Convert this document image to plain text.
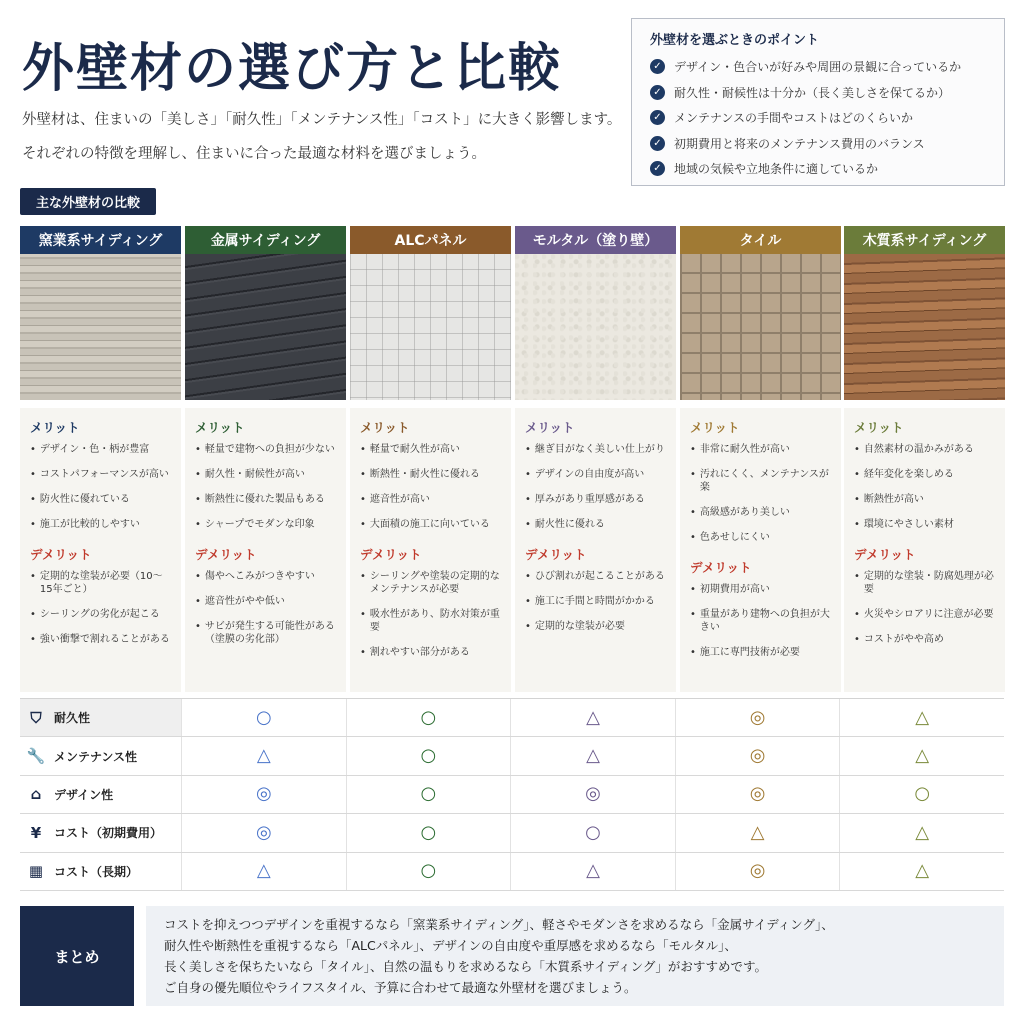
外壁材の選び方と比較
外壁材は、住まいの「美しさ」「耐久性」「メンテナンス性」「コスト」に大きく影響します。
それぞれの特徴を理解し、住まいに合った最適な材料を選びましょう。
外壁材を選ぶときのポイント
✓ デザイン・色合いが好みや周囲の景観に合っているか
✓ 耐久性・耐候性は十分か（長く美しさを保てるか）
✓ メンテナンスの手間やコストはどのくらいか
✓ 初期費用と将来のメンテナンス費用のバランス
✓ 地域の気候や立地条件に適しているか
主な外壁材の比較
窯業系サイディング
メリット
• デザイン・色・柄が豊富
• コストパフォーマンスが高い
• 防火性に優れている
• 施工が比較的しやすい
デメリット
• 定期的な塗装が必要（10～15年ごと）
• シーリングの劣化が起こる
• 強い衝撃で割れることがある
金属サイディング
メリット
• 軽量で建物への負担が少ない
• 耐久性・耐候性が高い
• 断熱性に優れた製品もある
• シャープでモダンな印象
デメリット
• 傷やへこみがつきやすい
• 遮音性がやや低い
• サビが発生する可能性がある（塗膜の劣化部）
ALCパネル
メリット
• 軽量で耐久性が高い
• 断熱性・耐火性に優れる
• 遮音性が高い
• 大面積の施工に向いている
デメリット
• シーリングや塗装の定期的なメンテナンスが必要
• 吸水性があり、防水対策が重要
• 割れやすい部分がある
モルタル（塗り壁）
メリット
• 継ぎ目がなく美しい仕上がり
• デザインの自由度が高い
• 厚みがあり重厚感がある
• 耐火性に優れる
デメリット
• ひび割れが起こることがある
• 施工に手間と時間がかかる
• 定期的な塗装が必要
タイル
メリット
• 非常に耐久性が高い
• 汚れにくく、メンテナンスが楽
• 高級感があり美しい
• 色あせしにくい
デメリット
• 初期費用が高い
• 重量があり建物への負担が大きい
• 施工に専門技術が必要
木質系サイディング
メリット
• 自然素材の温かみがある
• 経年変化を楽しめる
• 断熱性が高い
• 環境にやさしい素材
デメリット
• 定期的な塗装・防腐処理が必要
• 火災やシロアリに注意が必要
• コストがやや高め
⛉	耐久性	○	○	△	◎	△
🔧 メンテナンス性	△	○	△	◎	△
⌂	デザイン性	◎	○	◎	◎	○
¥	コスト（初期費用）	◎	○	○	△	△
▦ コスト（長期）	△	○	△	◎	△
まとめ
コストを抑えつつデザインを重視するなら「窯業系サイディング」、軽さやモダンさを求めるなら「金属サイディング」、
耐久性や断熱性を重視するなら「ALCパネル」、デザインの自由度や重厚感を求めるなら「モルタル」、
長く美しさを保ちたいなら「タイル」、自然の温もりを求めるなら「木質系サイディング」がおすすめです。
ご自身の優先順位やライフスタイル、予算に合わせて最適な外壁材を選びましょう。
